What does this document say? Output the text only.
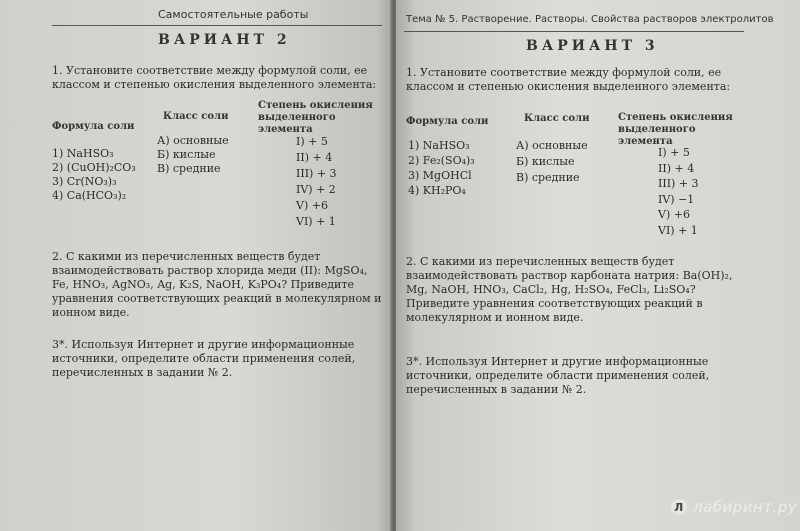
Самостоятельные работы
ВАРИАНТ 2
1. Установите соответствие между формулой соли, ее классом и степенью окисления выделенного элемента:
Формула соли
Класс соли
Степень окисления выделенного элемента
1) NaHSO₃
2) (CuOH)₂CO₃
3) Cr(NO₃)₃
4) Ca(HCO₃)₂
А) основные
Б) кислые
В) средние
I) + 5
II) + 4
III) + 3
IV) + 2
V) +6
VI) + 1
2. С какими из перечисленных веществ будет взаимодействовать раствор хлорида меди (II): MgSO₄, Fe, HNO₃, AgNO₃, Ag, K₂S, NaOH, K₃PO₄? Приведите уравнения соответствующих реакций в молекулярном и ионном виде.
3*. Используя Интернет и другие информационные источники, определите области применения солей, перечисленных в задании № 2.
Тема № 5. Растворение. Растворы. Свойства растворов электролитов
ВАРИАНТ 3
1. Установите соответствие между формулой соли, ее классом и степенью окисления выделенного элемента:
Формула соли	Класс соли	Степень окисления выделенного элемента
1) NaHSO₃
2) Fe₂(SO₄)₃
3) MgOHCl
4) KH₂PO₄
А) основные
Б) кислые
В) средние
I) + 5
II) + 4
III) + 3
IV) −1
V) +6
VI) + 1
2. С какими из перечисленных веществ будет взаимодействовать раствор карбоната натрия: Ba(OH)₂, Mg, NaOH, HNO₃, CaCl₂, Hg, H₂SO₄, FeCl₃, Li₂SO₄? Приведите уравнения соответствующих реакций в молекулярном и ионном виде.
3*. Используя Интернет и другие информационные источники, определите области применения солей, перечисленных в задании № 2.
Л лабиринт.ру
